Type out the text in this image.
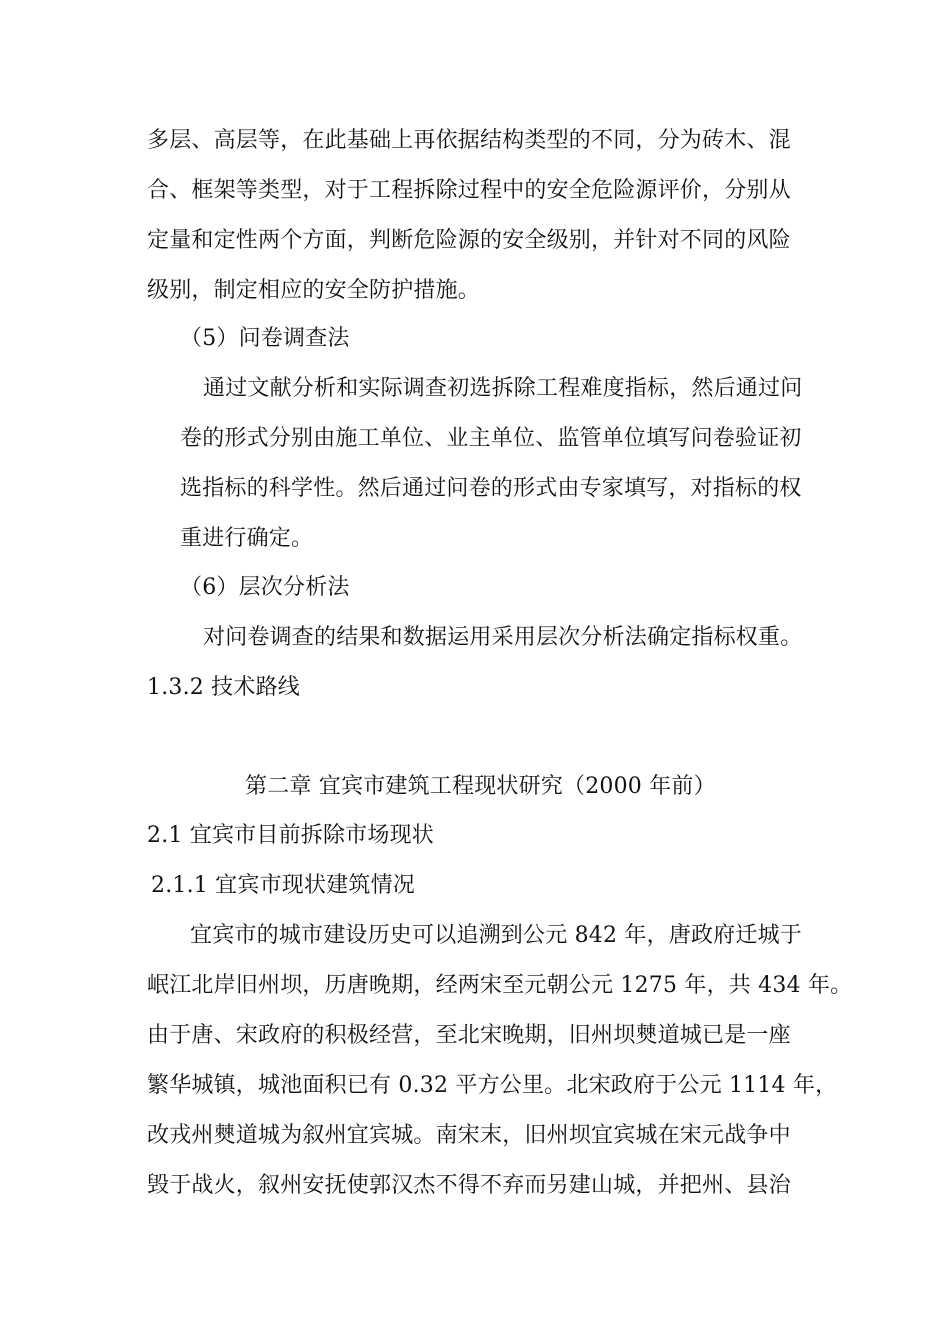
多层、高层等，在此基础上再依据结构类型的不同，分为砖木、混
合、框架等类型，对于工程拆除过程中的安全危险源评价，分别从
定量和定性两个方面，判断危险源的安全级别，并针对不同的风险
级别，制定相应的安全防护措施。
（5）问卷调查法
通过文献分析和实际调查初选拆除工程难度指标，然后通过问
卷的形式分别由施工单位、业主单位、监管单位填写问卷验证初
选指标的科学性。然后通过问卷的形式由专家填写，对指标的权
重进行确定。
（6）层次分析法
对问卷调查的结果和数据运用采用层次分析法确定指标权重。
1.3.2 技术路线
第二章 宜宾市建筑工程现状研究（2000 年前）
2.1 宜宾市目前拆除市场现状
2.1.1 宜宾市现状建筑情况
宜宾市的城市建设历史可以追溯到公元 842 年，唐政府迁城于
岷江北岸旧州坝，历唐晚期，经两宋至元朝公元 1275 年，共 434 年。
由于唐、宋政府的积极经营，至北宋晚期，旧州坝僰道城已是一座
繁华城镇，城池面积已有 0.32 平方公里。北宋政府于公元 1114 年，
改戎州僰道城为叙州宜宾城。南宋末，旧州坝宜宾城在宋元战争中
毁于战火，叙州安抚使郭汉杰不得不弃而另建山城，并把州、县治
